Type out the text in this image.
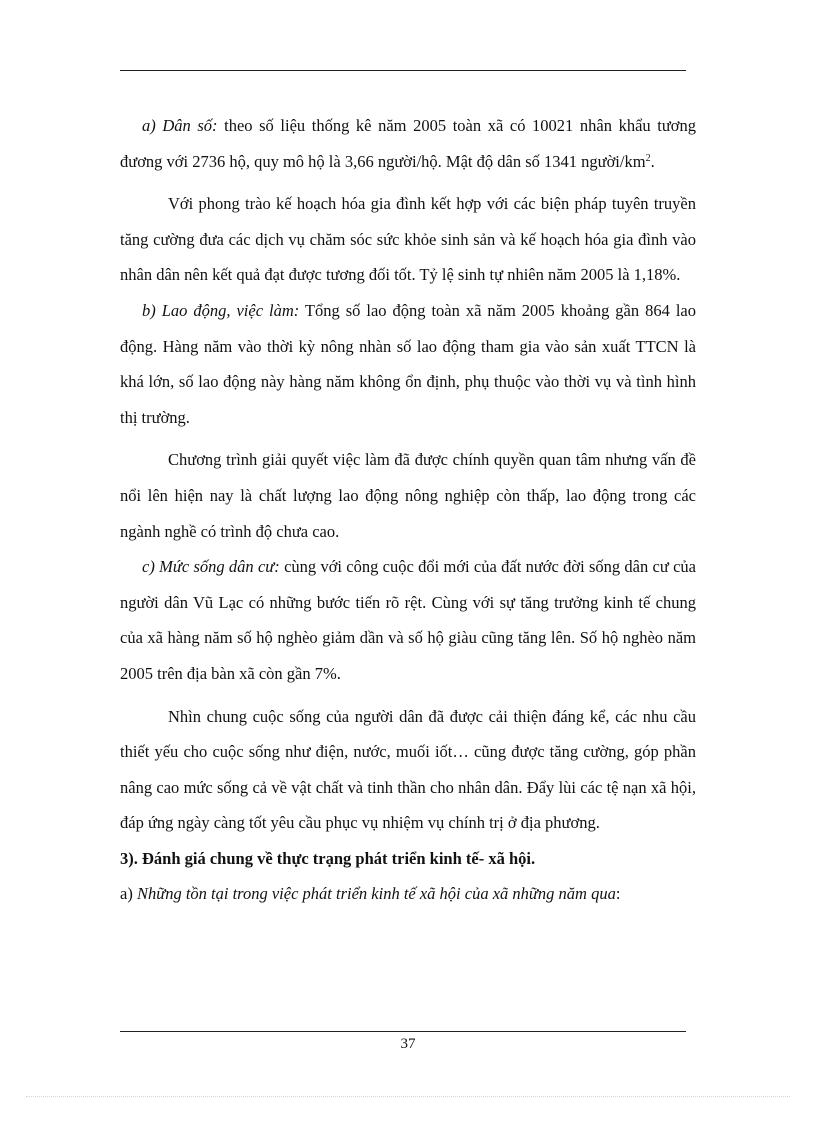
a) Dân số: theo số liệu thống kê năm 2005 toàn xã có 10021 nhân khẩu tương đương với 2736 hộ, quy mô hộ là 3,66 người/hộ. Mật độ dân số 1341 người/$km^2$.

Với phong trào kế hoạch hóa gia đình kết hợp với các biện pháp tuyên truyền tăng cường đưa các dịch vụ chăm sóc sức khỏe sinh sản và kế hoạch hóa gia đình vào nhân dân nên kết quả đạt được tương đối tốt. Tỷ lệ sinh tự nhiên năm 2005 là 1,18%.

b) Lao động, việc làm: Tổng số lao động toàn xã năm 2005 khoảng gần 864 lao động. Hàng năm vào thời kỳ nông nhàn số lao động tham gia vào sản xuất TTCN là khá lớn, số lao động này hàng năm không ổn định, phụ thuộc vào thời vụ và tình hình thị trường.

Chương trình giải quyết việc làm đã được chính quyền quan tâm nhưng vấn đề nổi lên hiện nay là chất lượng lao động nông nghiệp còn thấp, lao động trong các ngành nghề có trình độ chưa cao.

c) Mức sống dân cư: cùng với công cuộc đổi mới của đất nước đời sống dân cư của người dân Vũ Lạc có những bước tiến rõ rệt. Cùng với sự tăng trưởng kinh tế chung của xã hàng năm số hộ nghèo giảm dần và số hộ giàu cũng tăng lên. Số hộ nghèo năm 2005 trên địa bàn xã còn gần 7%.

Nhìn chung cuộc sống của người dân đã được cải thiện đáng kể, các nhu cầu thiết yếu cho cuộc sống như điện, nước, muối iốt… cũng được tăng cường, góp phần nâng cao mức sống cả về vật chất và tinh thần cho nhân dân. Đẩy lùi các tệ nạn xã hội, đáp ứng ngày càng tốt yêu cầu phục vụ nhiệm vụ chính trị ở địa phương.

3). Đánh giá chung về thực trạng phát triển kinh tế- xã hội.

a) Những tồn tại trong việc phát triển kinh tế xã hội của xã những năm qua:

37
